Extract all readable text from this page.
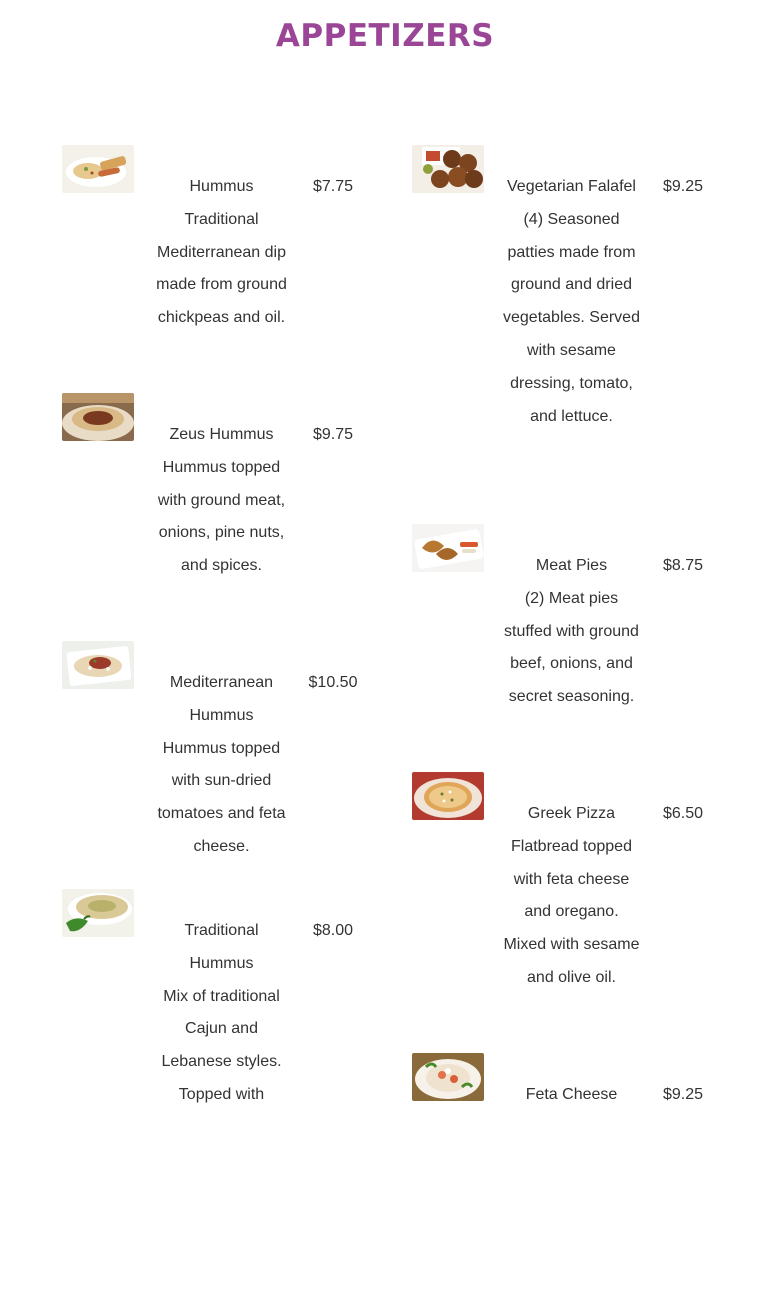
APPETIZERS
Hummus
Traditional Mediterranean dip made from ground chickpeas and oil.
$7.75
Zeus Hummus
Hummus topped with ground meat, onions, pine nuts, and spices.
$9.75
Mediterranean Hummus
Hummus topped with sun-dried tomatoes and feta cheese.
$10.50
Traditional Hummus
Mix of traditional Cajun and Lebanese styles. Topped with
$8.00
Vegetarian Falafel
(4) Seasoned patties made from ground and dried vegetables. Served with sesame dressing, tomato, and lettuce.
$9.25
Meat Pies
(2) Meat pies stuffed with ground beef, onions, and secret seasoning.
$8.75
Greek Pizza
Flatbread topped with feta cheese and oregano. Mixed with sesame and olive oil.
$6.50
Feta Cheese	$9.25
